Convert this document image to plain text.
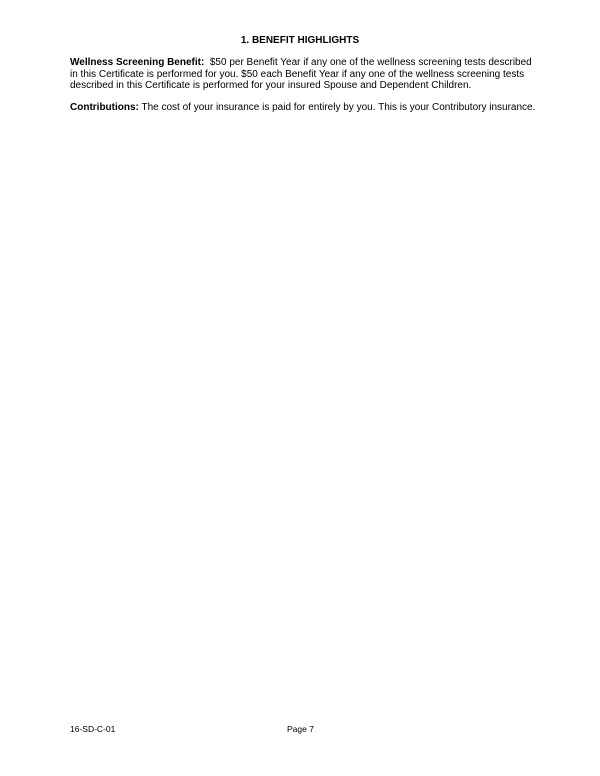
1. BENEFIT HIGHLIGHTS

Wellness Screening Benefit: $50 per Benefit Year if any one of the wellness screening tests described in this Certificate is performed for you. $50 each Benefit Year if any one of the wellness screening tests described in this Certificate is performed for your insured Spouse and Dependent Children.

Contributions: The cost of your insurance is paid for entirely by you. This is your Contributory insurance.

16-SD-C-01	Page 7
